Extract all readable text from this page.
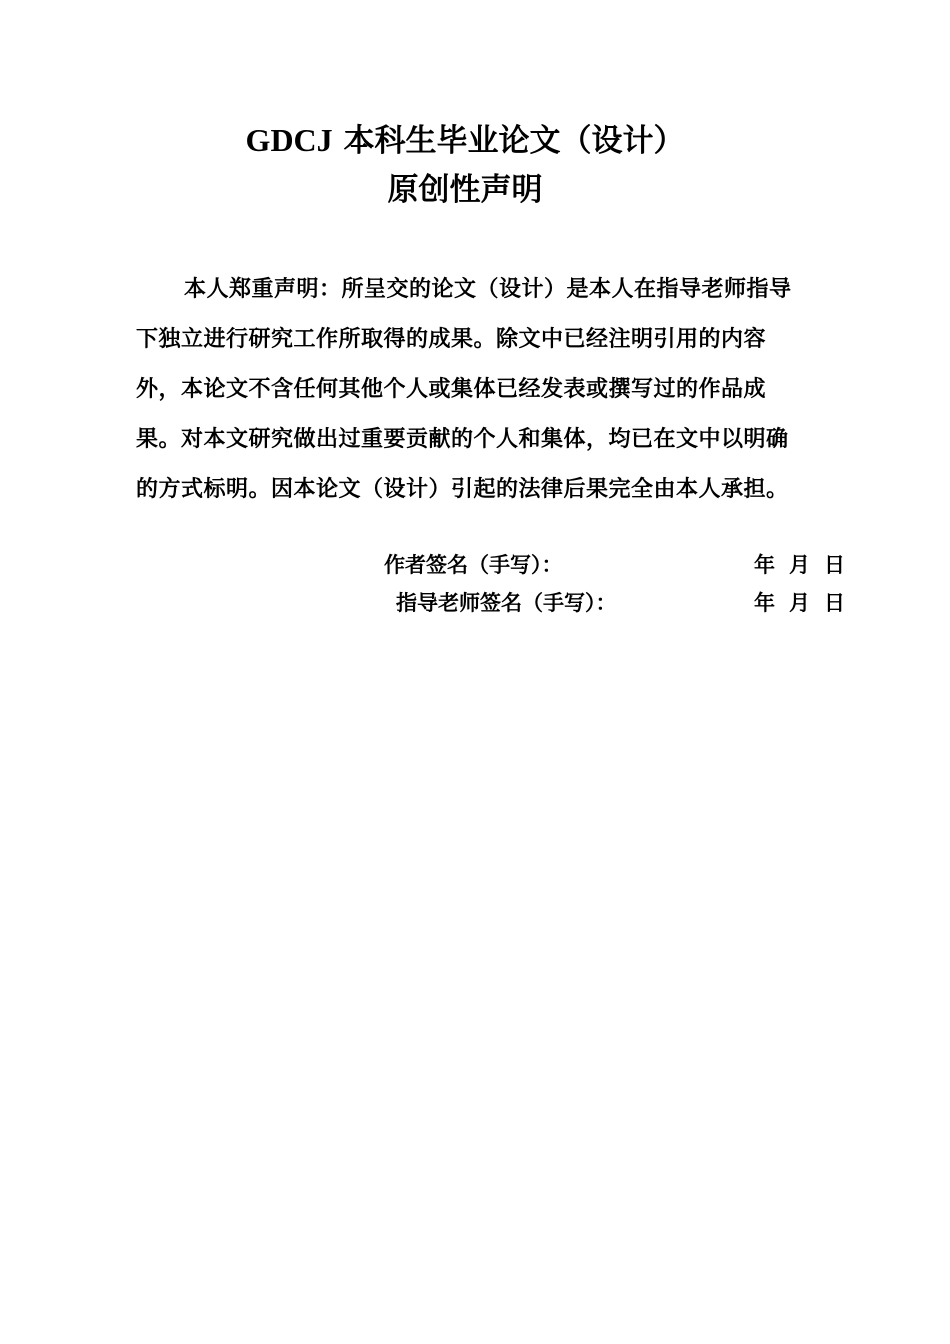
GDCJ 本科生毕业论文（设计）
原创性声明
本人郑重声明：所呈交的论文（设计）是本人在指导老师指导
下独立进行研究工作所取得的成果。除文中已经注明引用的内容
外，本论文不含任何其他个人或集体已经发表或撰写过的作品成
果。对本文研究做出过重要贡献的个人和集体，均已在文中以明确
的方式标明。因本论文（设计）引起的法律后果完全由本人承担。
作者签名（手写）：	年 月 日
指导老师签名（手写）：	年 月 日
